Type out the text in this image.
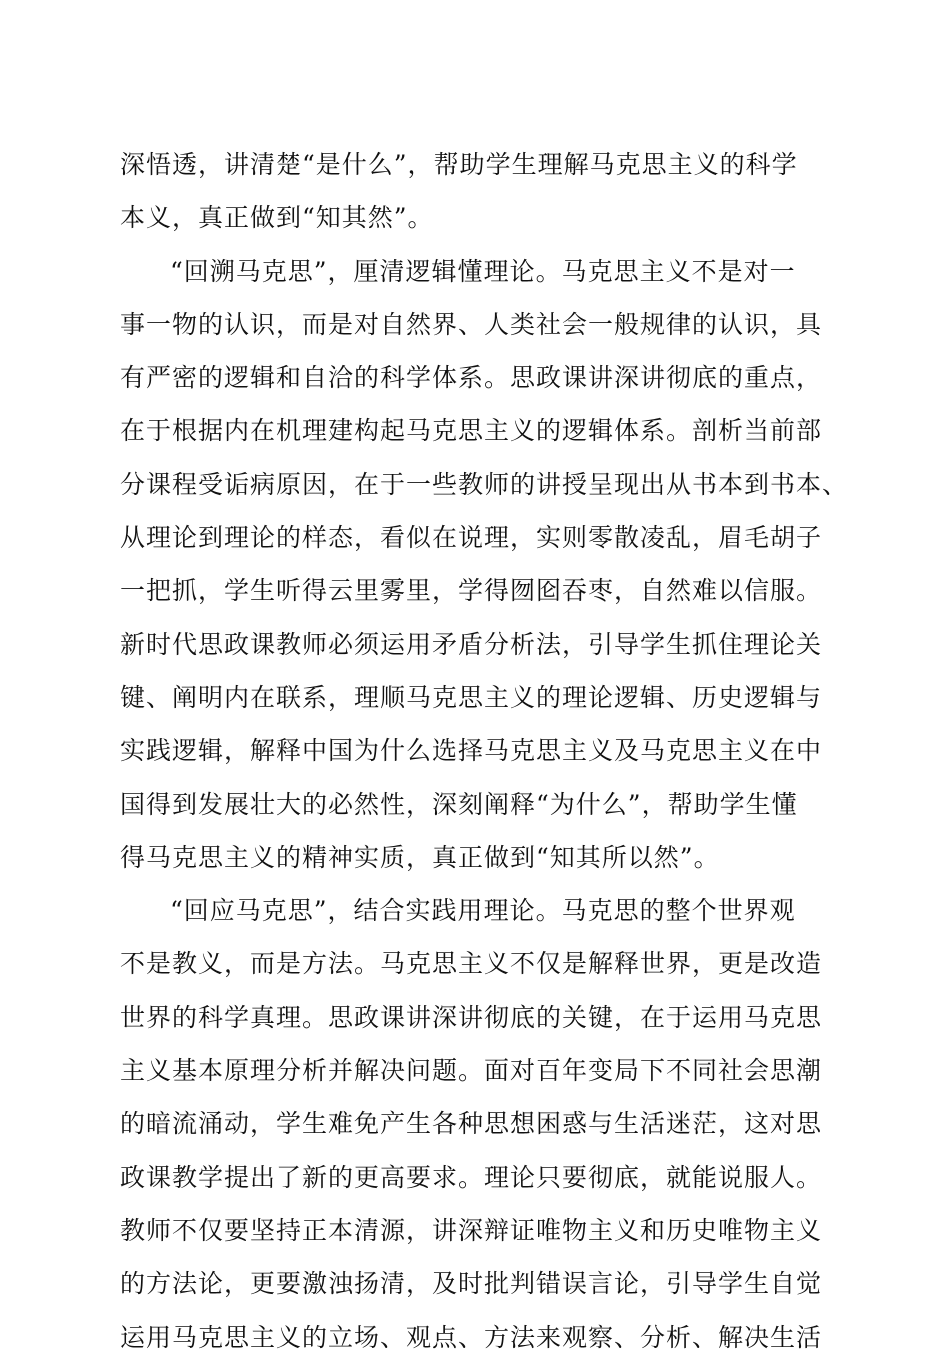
深悟透，讲清楚“是什么”，帮助学生理解马克思主义的科学
本义，真正做到“知其然”。
“回溯马克思”，厘清逻辑懂理论。马克思主义不是对一
事一物的认识，而是对自然界、人类社会一般规律的认识，具
有严密的逻辑和自洽的科学体系。思政课讲深讲彻底的重点，
在于根据内在机理建构起马克思主义的逻辑体系。剖析当前部
分课程受诟病原因，在于一些教师的讲授呈现出从书本到书本、
从理论到理论的样态，看似在说理，实则零散凌乱，眉毛胡子
一把抓，学生听得云里雾里，学得囫囵吞枣，自然难以信服。
新时代思政课教师必须运用矛盾分析法，引导学生抓住理论关
键、阐明内在联系，理顺马克思主义的理论逻辑、历史逻辑与
实践逻辑，解释中国为什么选择马克思主义及马克思主义在中
国得到发展壮大的必然性，深刻阐释“为什么”，帮助学生懂
得马克思主义的精神实质，真正做到“知其所以然”。
“回应马克思”，结合实践用理论。马克思的整个世界观
不是教义，而是方法。马克思主义不仅是解释世界，更是改造
世界的科学真理。思政课讲深讲彻底的关键，在于运用马克思
主义基本原理分析并解决问题。面对百年变局下不同社会思潮
的暗流涌动，学生难免产生各种思想困惑与生活迷茫，这对思
政课教学提出了新的更高要求。理论只要彻底，就能说服人。
教师不仅要坚持正本清源，讲深辩证唯物主义和历史唯物主义
的方法论，更要激浊扬清，及时批判错误言论，引导学生自觉
运用马克思主义的立场、观点、方法来观察、分析、解决生活
